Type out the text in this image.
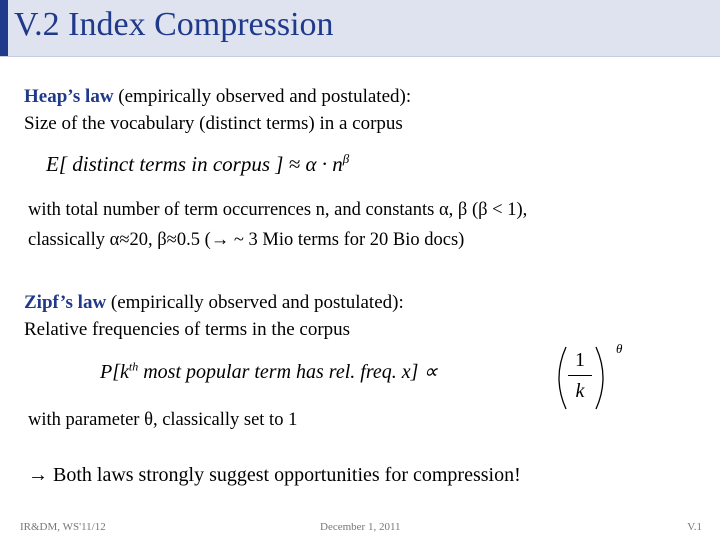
V.2 Index Compression
Heap’s law (empirically observed and postulated):
Size of the vocabulary (distinct terms) in a corpus
E[ distinct terms in corpus ] ≈ $\alpha \cdot n^\beta$
with total number of term occurrences n, and constants α, β (β < 1),
classically α≈20, β≈0.5 (→ ~ 3 Mio terms for 20 Bio docs)
Zipf’s law (empirically observed and postulated):
Relative frequencies of terms in the corpus
$P[k^{th}$ most popular term has rel. freq. x] ∝
1
k
θ
with parameter θ, classically set to 1
→ Both laws strongly suggest opportunities for compression!
IR&DM, WS'11/12	December 1, 2011	V.1
